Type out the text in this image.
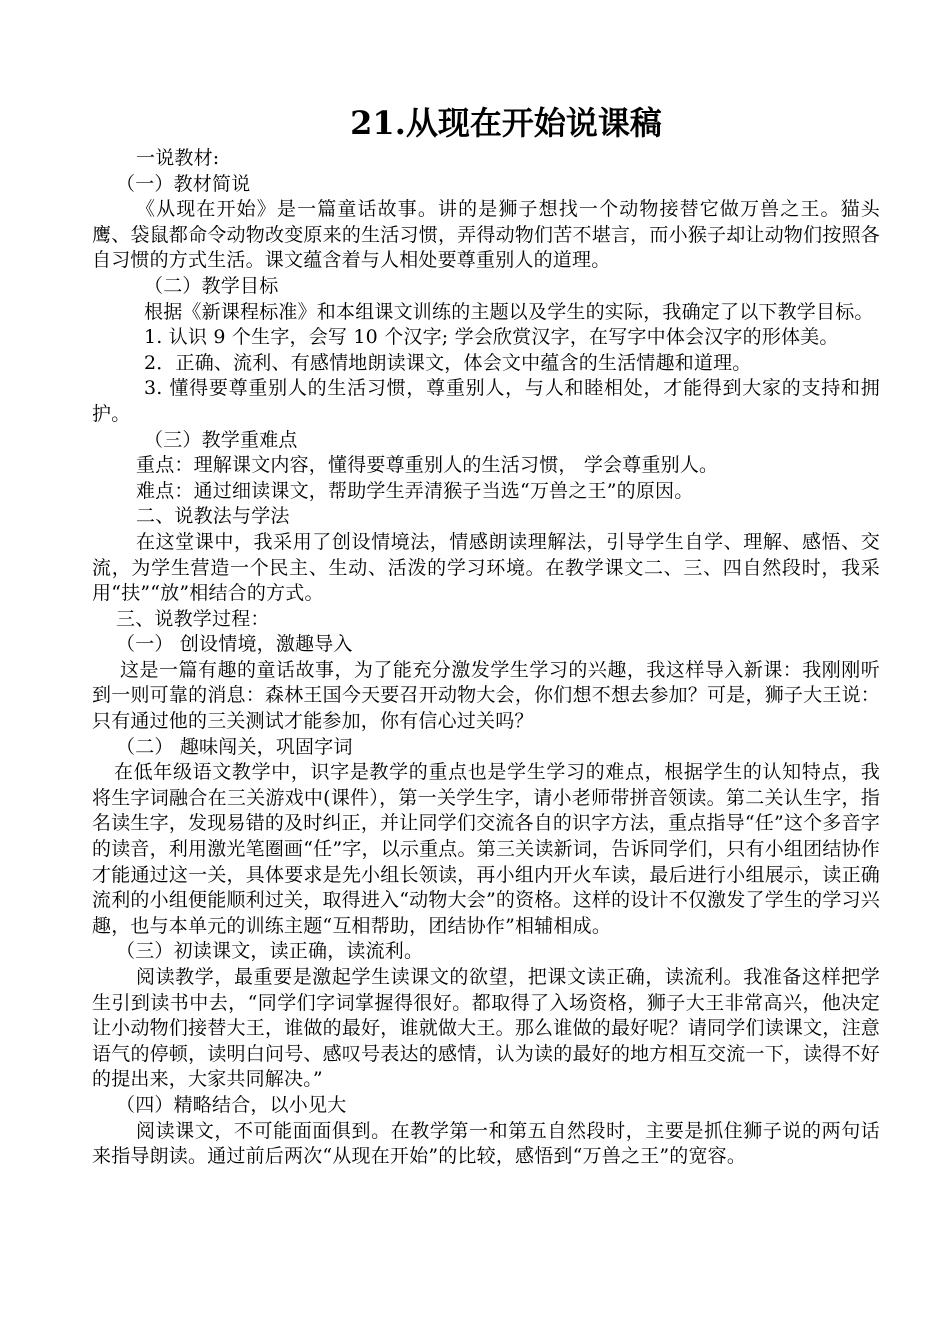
21.从现在开始说课稿

一说教材:

（一）教材简说

《从现在开始》是一篇童话故事。讲的是狮子想找一个动物接替它做万兽之王。猫头鹰、袋鼠都命令动物改变原来的生活习惯，弄得动物们苦不堪言，而小猴子却让动物们按照各自习惯的方式生活。课文蕴含着与人相处要尊重别人的道理。

（二）教学目标

根据《新课程标准》和本组课文训练的主题以及学生的实际，我确定了以下教学目标。

1. 认识 9 个生字，会写 10 个汉字; 学会欣赏汉字，在写字中体会汉字的形体美。

2．正确、流利、有感情地朗读课文，体会文中蕴含的生活情趣和道理。

3. 懂得要尊重别人的生活习惯，尊重别人，与人和睦相处，才能得到大家的支持和拥护。

（三）教学重难点

重点：理解课文内容，懂得要尊重别人的生活习惯， 学会尊重别人。

难点：通过细读课文，帮助学生弄清猴子当选“万兽之王”的原因。

二、说教法与学法

在这堂课中，我采用了创设情境法，情感朗读理解法，引导学生自学、理解、感悟、交流，为学生营造一个民主、生动、活泼的学习环境。在教学课文二、三、四自然段时，我采用“扶”“放”相结合的方式。

三、说教学过程：

（一） 创设情境，激趣导入

这是一篇有趣的童话故事，为了能充分激发学生学习的兴趣，我这样导入新课：我刚刚听到一则可靠的消息：森林王国今天要召开动物大会，你们想不想去参加？可是，狮子大王说：只有通过他的三关测试才能参加，你有信心过关吗？

（二） 趣味闯关，巩固字词

在低年级语文教学中，识字是教学的重点也是学生学习的难点，根据学生的认知特点，我将生字词融合在三关游戏中(课件），第一关学生字，请小老师带拼音领读。第二关认生字，指名读生字，发现易错的及时纠正，并让同学们交流各自的识字方法，重点指导“任”这个多音字的读音，利用激光笔圈画“任”字，以示重点。第三关读新词，告诉同学们，只有小组团结协作才能通过这一关，具体要求是先小组长领读，再小组内开火车读，最后进行小组展示，读正确流利的小组便能顺利过关，取得进入“动物大会”的资格。这样的设计不仅激发了学生的学习兴趣，也与本单元的训练主题“互相帮助，团结协作”相辅相成。

（三）初读课文，读正确，读流利。

阅读教学，最重要是激起学生读课文的欲望，把课文读正确，读流利。我准备这样把学生引到读书中去，“同学们字词掌握得很好。都取得了入场资格，狮子大王非常高兴，他决定让小动物们接替大王，谁做的最好，谁就做大王。那么谁做的最好呢？请同学们读课文，注意语气的停顿，读明白问号、感叹号表达的感情，认为读的最好的地方相互交流一下，读得不好的提出来，大家共同解决。”

（四）精略结合，以小见大

阅读课文，不可能面面俱到。在教学第一和第五自然段时，主要是抓住狮子说的两句话来指导朗读。通过前后两次“从现在开始”的比较，感悟到“万兽之王”的宽容。
